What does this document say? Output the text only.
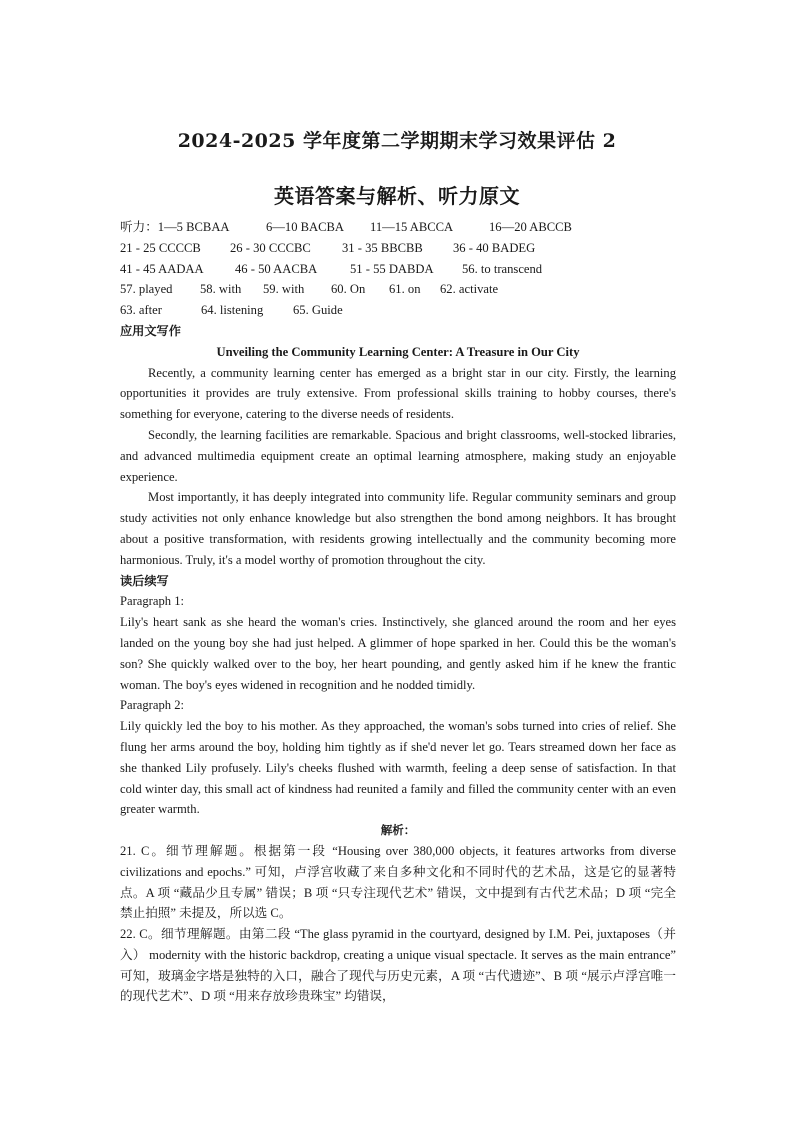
2024-2025 学年度第二学期期末学习效果评估 2
英语答案与解析、听力原文
听力：1—5 BCBAA	6—10 BACBA 11—15 ABCCA	16—20 ABCCB
21 - 25 CCCCB 26 - 30 CCCBC 31 - 35 BBCBB 36 - 40 BADEG
41 - 45 AADAA 46 - 50 AACBA	51 - 55 DABDA 56. to transcend
57. played 58. with 59. with 60. On 61. on 62. activate
63. after	64. listening 65. Guide
应用文写作
Unveiling the Community Learning Center: A Treasure in Our City

Recently, a community learning center has emerged as a bright star in our city. Firstly, the learning opportunities it provides are truly extensive. From professional skills training to hobby courses, there's something for everyone, catering to the diverse needs of residents.

Secondly, the learning facilities are remarkable. Spacious and bright classrooms, well-stocked libraries, and advanced multimedia equipment create an optimal learning atmosphere, making study an enjoyable experience.

Most importantly, it has deeply integrated into community life. Regular community seminars and group study activities not only enhance knowledge but also strengthen the bond among neighbors. It has brought about a positive transformation, with residents growing intellectually and the community becoming more harmonious. Truly, it's a model worthy of promotion throughout the city.

读后续写
Paragraph 1:

Lily's heart sank as she heard the woman's cries. Instinctively, she glanced around the room and her eyes landed on the young boy she had just helped. A glimmer of hope sparked in her. Could this be the woman's son? She quickly walked over to the boy, her heart pounding, and gently asked him if he knew the frantic woman. The boy's eyes widened in recognition and he nodded timidly.

Paragraph 2:

Lily quickly led the boy to his mother. As they approached, the woman's sobs turned into cries of relief. She flung her arms around the boy, holding him tightly as if she'd never let go. Tears streamed down her face as she thanked Lily profusely. Lily's cheeks flushed with warmth, feeling a deep sense of satisfaction. In that cold winter day, this small act of kindness had reunited a family and filled the community center with an even greater warmth.

解析：

21. C。细节理解题。根据第一段 “Housing over 380,000 objects, it features artworks from diverse civilizations and epochs.” 可知，卢浮宫收藏了来自多种文化和不同时代的艺术品，这是它的显著特点。A 项 “藏品少且专属” 错误；B 项 “只专注现代艺术” 错误，文中提到有古代艺术品；D 项 “完全禁止拍照” 未提及，所以选 C。

22. C。细节理解题。由第二段 “The glass pyramid in the courtyard, designed by I.M. Pei, juxtaposes（并入） modernity with the historic backdrop, creating a unique visual spectacle. It serves as the main entrance” 可知，玻璃金字塔是独特的入口，融合了现代与历史元素，A 项 “古代遗迹”、B 项 “展示卢浮宫唯一的现代艺术”、D 项 “用来存放珍贵珠宝” 均错误，
